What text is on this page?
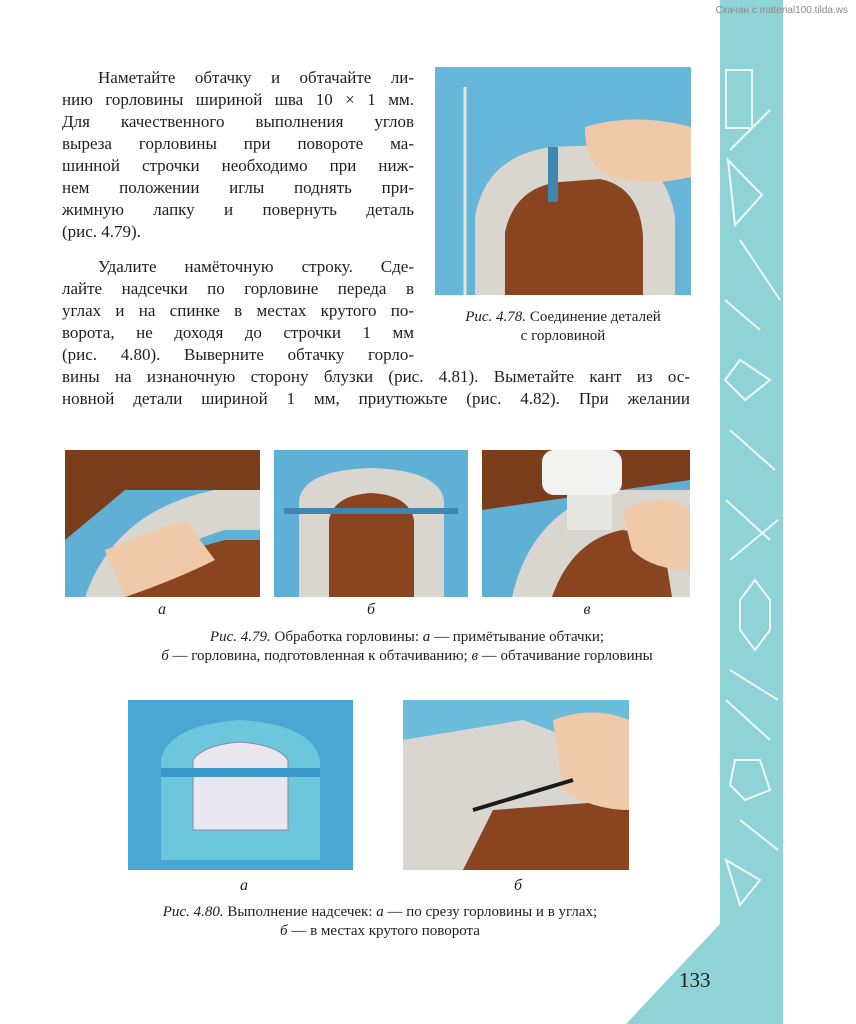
Скачан с material100.tilda.ws
Наметайте обтачку и обтачайте ли-
нию горловины шириной шва 10 × 1 мм.
Для качественного выполнения углов
выреза горловины при повороте ма-
шинной строчки необходимо при ниж-
нем положении иглы поднять при-
жимную лапку и повернуть деталь
(рис. 4.79).
Удалите намёточную строку. Сде-
лайте надсечки по горловине переда в
углах и на спинке в местах крутого по-
ворота, не доходя до строчки 1 мм
(рис. 4.80). Выверните обтачку горло-
вины на изнаночную сторону блузки (рис. 4.81). Выметайте кант из ос-
новной детали шириной 1 мм, приутюжьте (рис. 4.82). При желании
Рис. 4.78. Соединение деталей
с горловиной
а	б	в
Рис. 4.79. Обработка горловины: а — примётывание обтачки;
б — горловина, подготовленная к обтачиванию; в — обтачивание горловины
а	б
Рис. 4.80. Выполнение надсечек: а — по срезу горловины и в углах;
б — в местах крутого поворота
133
